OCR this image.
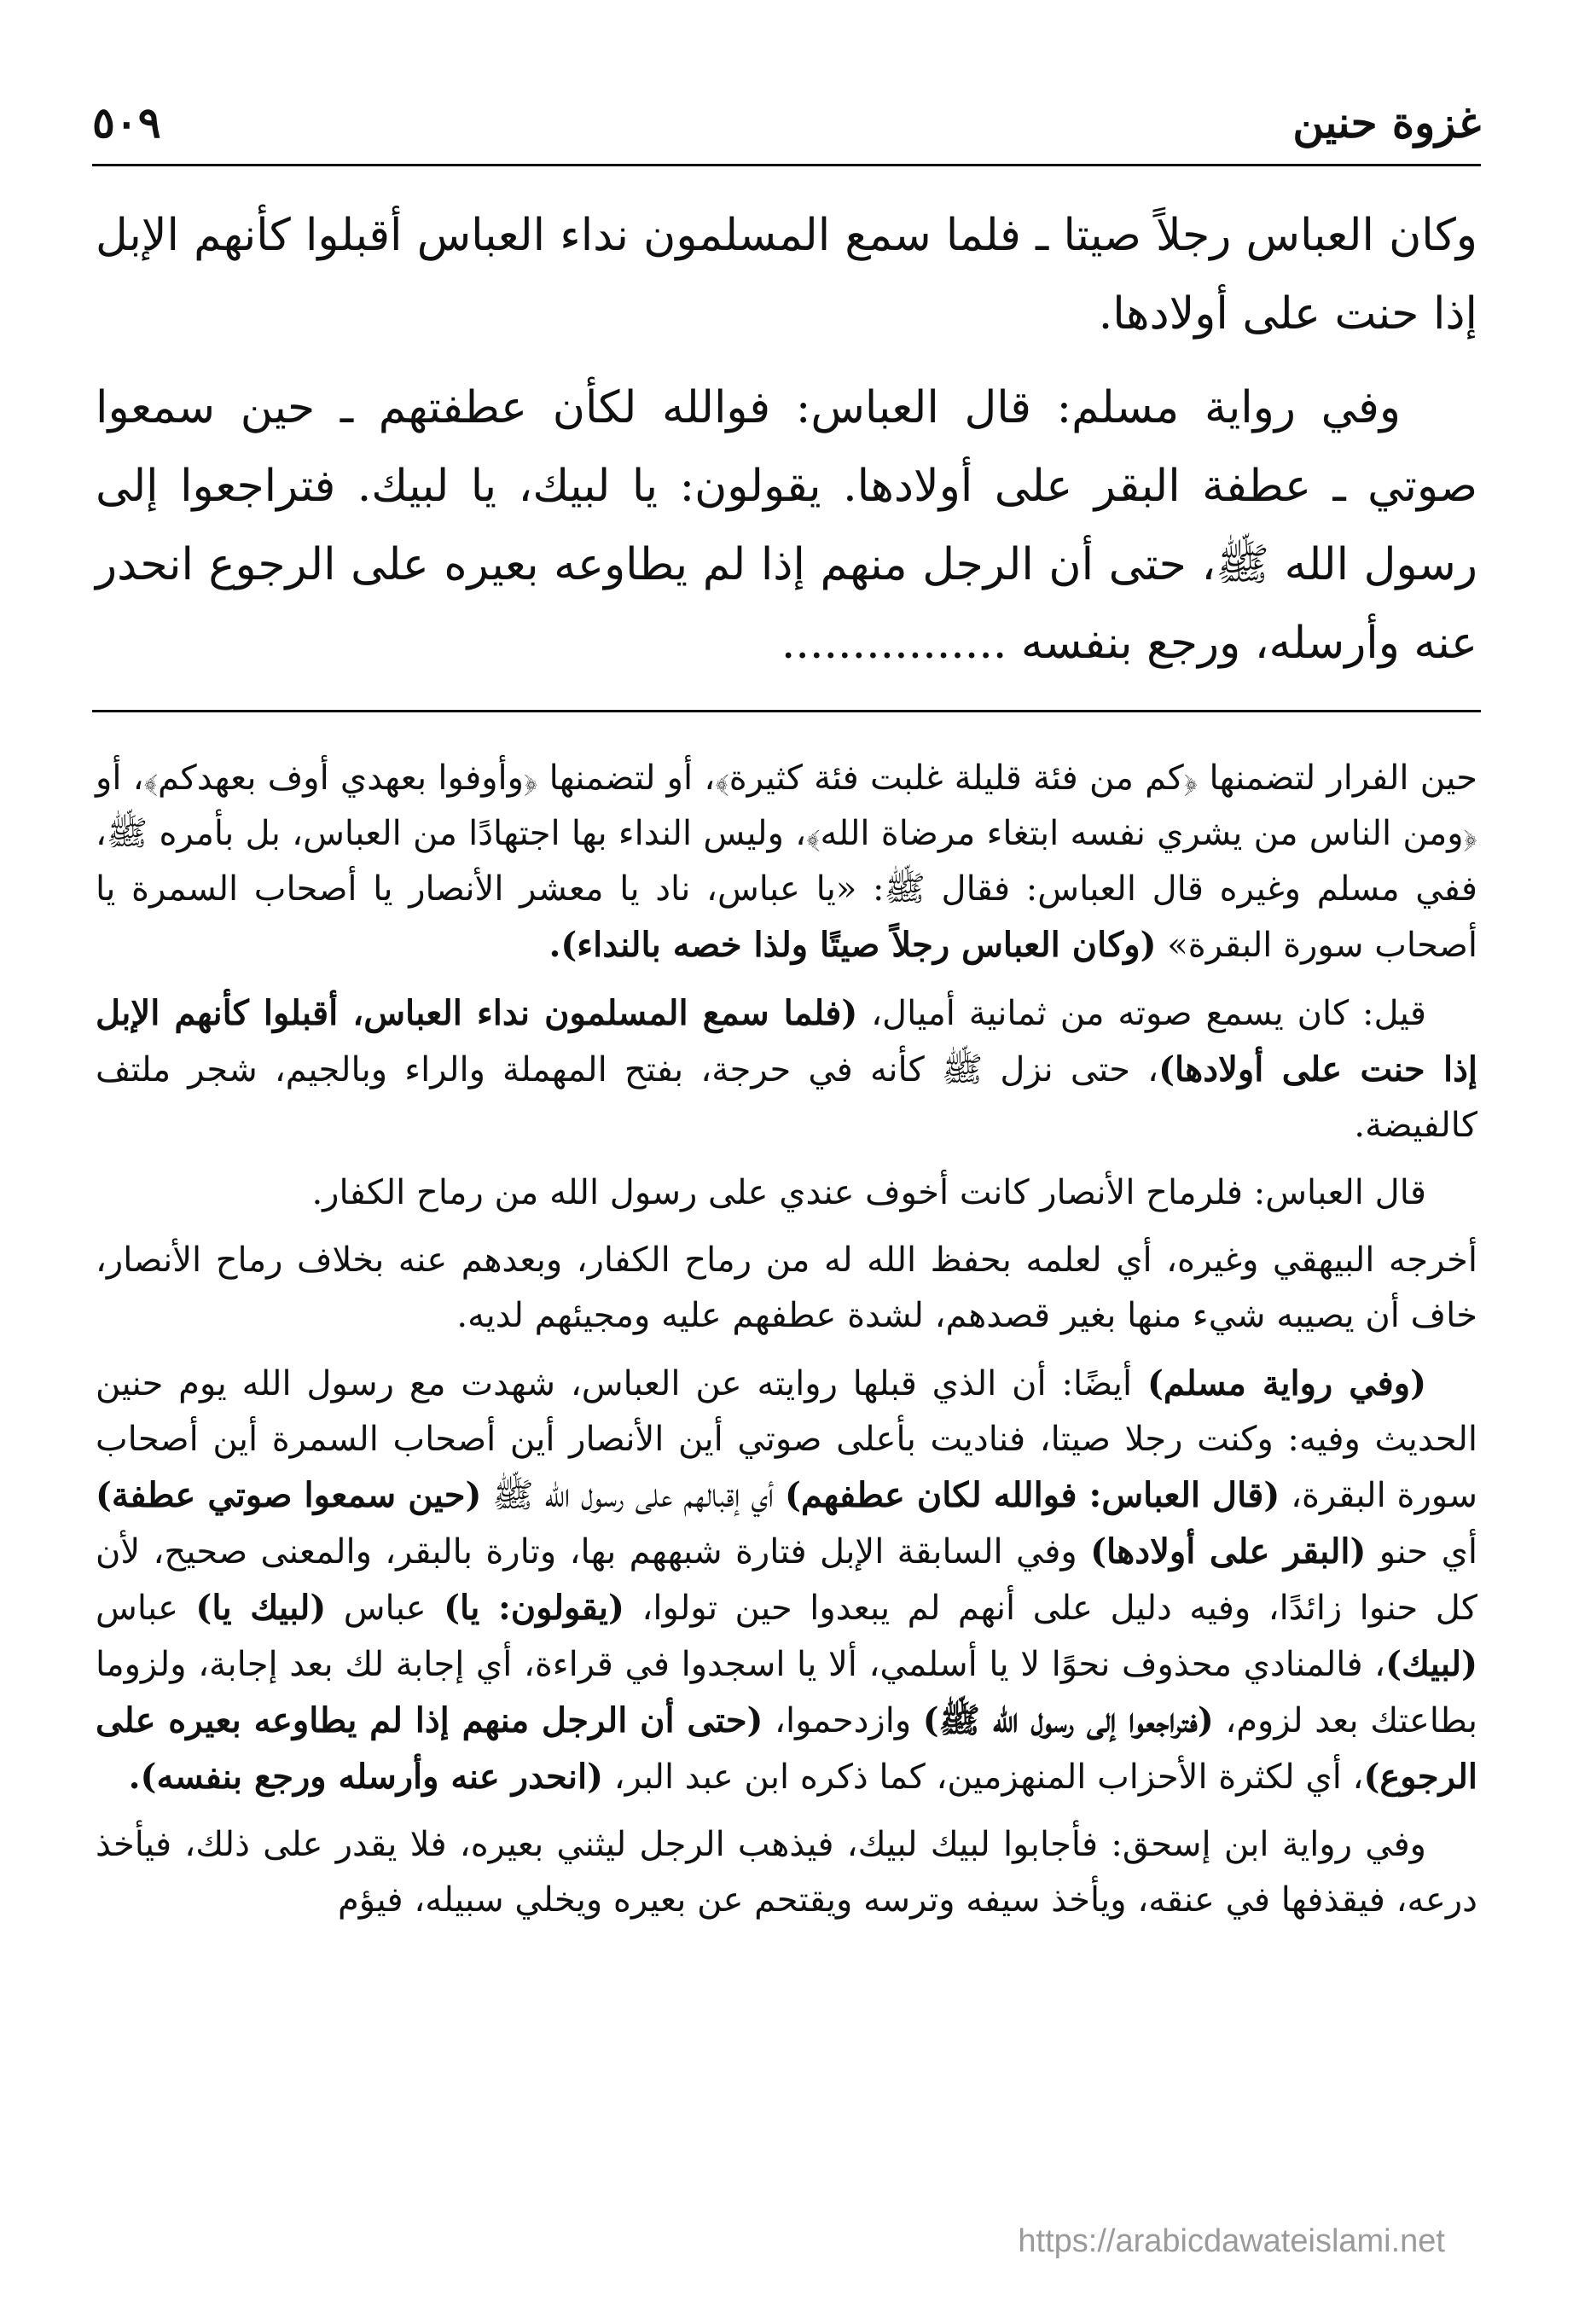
غزوة حنين
٥٠٩

وكان العباس رجلاً صيتا ـ فلما سمع المسلمون نداء العباس أقبلوا كأنهم الإبل إذا حنت على أولادها.

وفي رواية مسلم: قال العباس: فوالله لكأن عطفتهم ـ حين سمعوا صوتي ـ عطفة البقر على أولادها. يقولون: يا لبيك، يا لبيك. فتراجعوا إلى رسول الله ﷺ، حتى أن الرجل منهم إذا لم يطاوعه بعيره على الرجوع انحدر عنه وأرسله، ورجع بنفسه ................

حين الفرار لتضمنها ﴿كم من فئة قليلة غلبت فئة كثيرة﴾، أو لتضمنها ﴿وأوفوا بعهدي أوف بعهدكم﴾، أو ﴿ومن الناس من يشري نفسه ابتغاء مرضاة الله﴾، وليس النداء بها اجتهادًا من العباس، بل بأمره ﷺ، ففي مسلم وغيره قال العباس: فقال ﷺ: «يا عباس، ناد يا معشر الأنصار يا أصحاب السمرة يا أصحاب سورة البقرة» (وكان العباس رجلاً صيتًا ولذا خصه بالنداء).

قيل: كان يسمع صوته من ثمانية أميال، (فلما سمع المسلمون نداء العباس، أقبلوا كأنهم الإبل إذا حنت على أولادها)، حتى نزل ﷺ كأنه في حرجة، بفتح المهملة والراء وبالجيم، شجر ملتف كالفيضة.

قال العباس: فلرماح الأنصار كانت أخوف عندي على رسول الله من رماح الكفار.

أخرجه البيهقي وغيره، أي لعلمه بحفظ الله له من رماح الكفار، وبعدهم عنه بخلاف رماح الأنصار، خاف أن يصيبه شيء منها بغير قصدهم، لشدة عطفهم عليه ومجيئهم لديه.

(وفي رواية مسلم) أيضًا: أن الذي قبلها روايته عن العباس، شهدت مع رسول الله يوم حنين الحديث وفيه: وكنت رجلا صيتا، فناديت بأعلى صوتي أين الأنصار أين أصحاب السمرة أين أصحاب سورة البقرة، (قال العباس: فوالله لكان عطفهم) أي إقبالهم على رسول الله ﷺ (حين سمعوا صوتي عطفة) أي حنو (البقر على أولادها) وفي السابقة الإبل فتارة شبههم بها، وتارة بالبقر، والمعنى صحيح، لأن كل حنوا زائدًا، وفيه دليل على أنهم لم يبعدوا حين تولوا، (يقولون: يا) عباس (لبيك يا) عباس (لبيك)، فالمنادي محذوف نحوًا لا يا أسلمي، ألا يا اسجدوا في قراءة، أي إجابة لك بعد إجابة، ولزوما بطاعتك بعد لزوم، (فتراجعوا إلى رسول الله ﷺ) وازدحموا، (حتى أن الرجل منهم إذا لم يطاوعه بعيره على الرجوع)، أي لكثرة الأحزاب المنهزمين، كما ذكره ابن عبد البر، (انحدر عنه وأرسله ورجع بنفسه).

وفي رواية ابن إسحق: فأجابوا لبيك لبيك، فيذهب الرجل ليثني بعيره، فلا يقدر على ذلك، فيأخذ درعه، فيقذفها في عنقه، ويأخذ سيفه وترسه ويقتحم عن بعيره ويخلي سبيله، فيؤم

https://arabicdawateislami.net
